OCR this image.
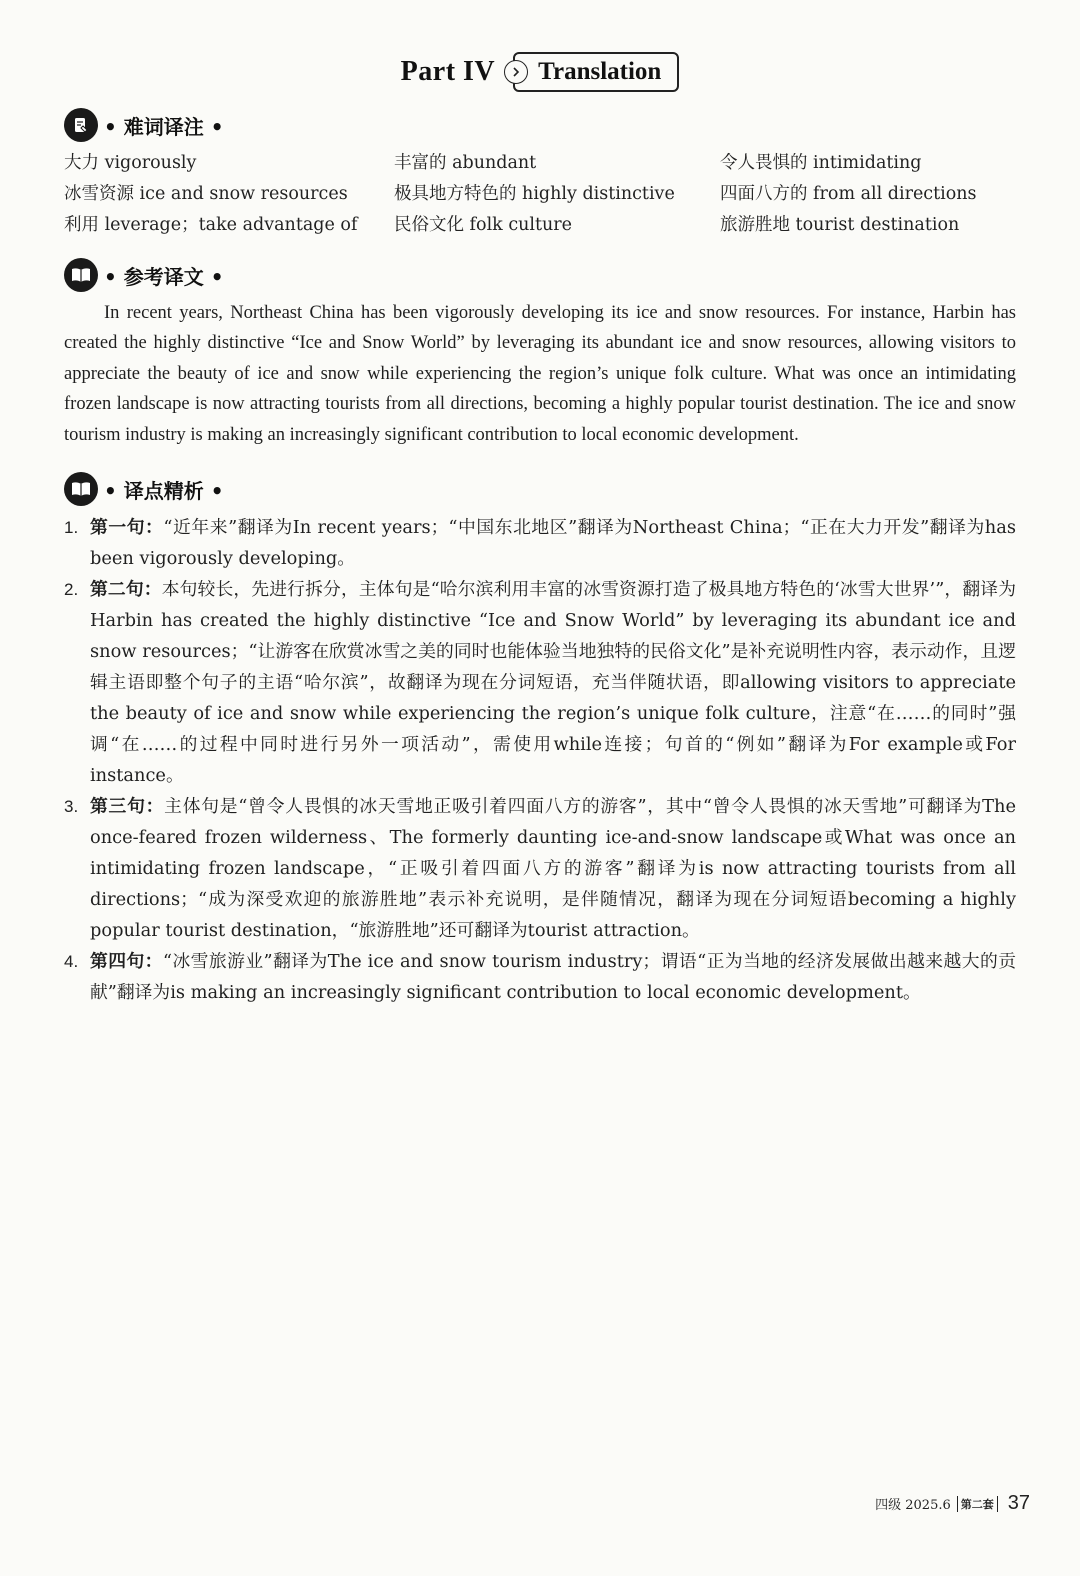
Part IV Translation
• 难词译注 •
大力 vigorously	丰富的 abundant	令人畏惧的 intimidating
冰雪资源 ice and snow resources	极具地方特色的 highly distinctive	四面八方的 from all directions
利用 leverage；take advantage of	民俗文化 folk culture	旅游胜地 tourist destination
• 参考译文 •

In recent years, Northeast China has been vigorously developing its ice and snow resources. For instance, Harbin has created the highly distinctive “Ice and Snow World” by leveraging its abundant ice and snow resources, allowing visitors to appreciate the beauty of ice and snow while experiencing the region’s unique folk culture. What was once an intimidating frozen landscape is now attracting tourists from all directions, becoming a highly popular tourist destination. The ice and snow tourism industry is making an increasingly significant contribution to local economic development.

• 译点精析 •
1. 第一句：“近年来”翻译为In recent years；“中国东北地区”翻译为Northeast China；“正在大力开发”翻译为has been vigorously developing。
2. 第二句：本句较长，先进行拆分，主体句是“哈尔滨利用丰富的冰雪资源打造了极具地方特色的‘冰雪大世界’”，翻译为Harbin has created the highly distinctive “Ice and Snow World” by leveraging its abundant ice and snow resources；“让游客在欣赏冰雪之美的同时也能体验当地独特的民俗文化”是补充说明性内容，表示动作，且逻辑主语即整个句子的主语“哈尔滨”，故翻译为现在分词短语，充当伴随状语，即allowing visitors to appreciate the beauty of ice and snow while experiencing the region’s unique folk culture，注意“在……的同时”强调“在……的过程中同时进行另外一项活动”，需使用while连接；句首的“例如”翻译为For example或For instance。
3. 第三句：主体句是“曾令人畏惧的冰天雪地正吸引着四面八方的游客”，其中“曾令人畏惧的冰天雪地”可翻译为The once-feared frozen wilderness、The formerly daunting ice-and-snow landscape或What was once an intimidating frozen landscape，“正吸引着四面八方的游客”翻译为is now attracting tourists from all directions；“成为深受欢迎的旅游胜地”表示补充说明，是伴随情况，翻译为现在分词短语becoming a highly popular tourist destination，“旅游胜地”还可翻译为tourist attraction。
4. 第四句：“冰雪旅游业”翻译为The ice and snow tourism industry；谓语“正为当地的经济发展做出越来越大的贡献”翻译为is making an increasingly significant contribution to local economic development。
四级 2025.6 第二套 37
